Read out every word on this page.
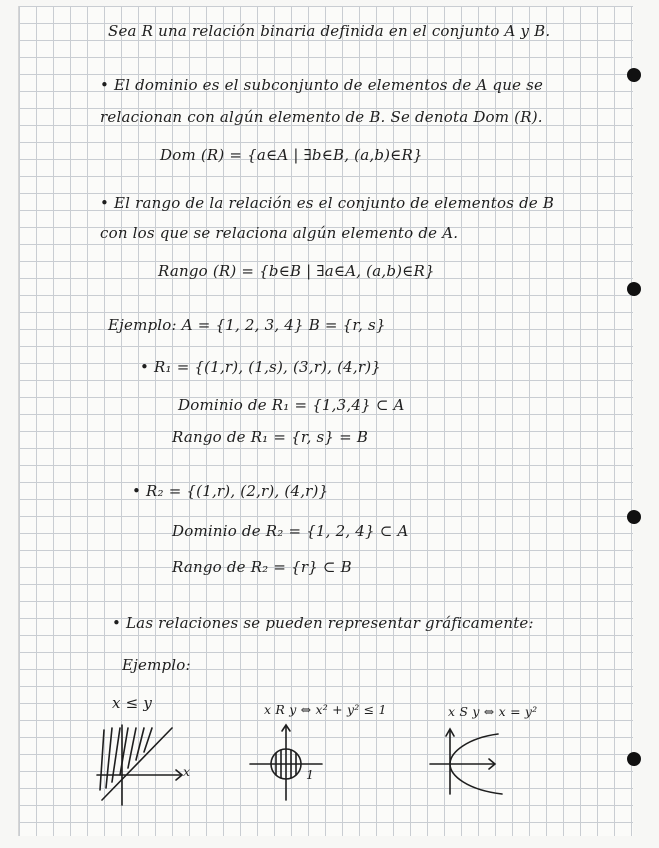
Sea R una relación binaria definida en el conjunto A y B.
• El dominio es el subconjunto de elementos de A que se
relacionan con algún elemento de B. Se denota Dom (R).
Dom (R) = {a∈A | ∃b∈B, (a,b)∈R}
• El rango de la relación es el conjunto de elementos de B
con los que se relaciona algún elemento de A.
Rango (R) = {b∈B | ∃a∈A, (a,b)∈R}
Ejemplo: A = {1, 2, 3, 4} B = {r, s}
• R₁ = {(1,r), (1,s), (3,r), (4,r)}
Dominio de R₁ = {1,3,4} ⊂ A
Rango de R₁ = {r, s} = B
• R₂ = {(1,r), (2,r), (4,r)}
Dominio de R₂ = {1, 2, 4} ⊂ A
Rango de R₂ = {r} ⊂ B
• Las relaciones se pueden representar gráficamente:
Ejemplo:
x ≤ y	x R y ⇔ x² + y² ≤ 1	x S y ⇔ x = y²
x	1
